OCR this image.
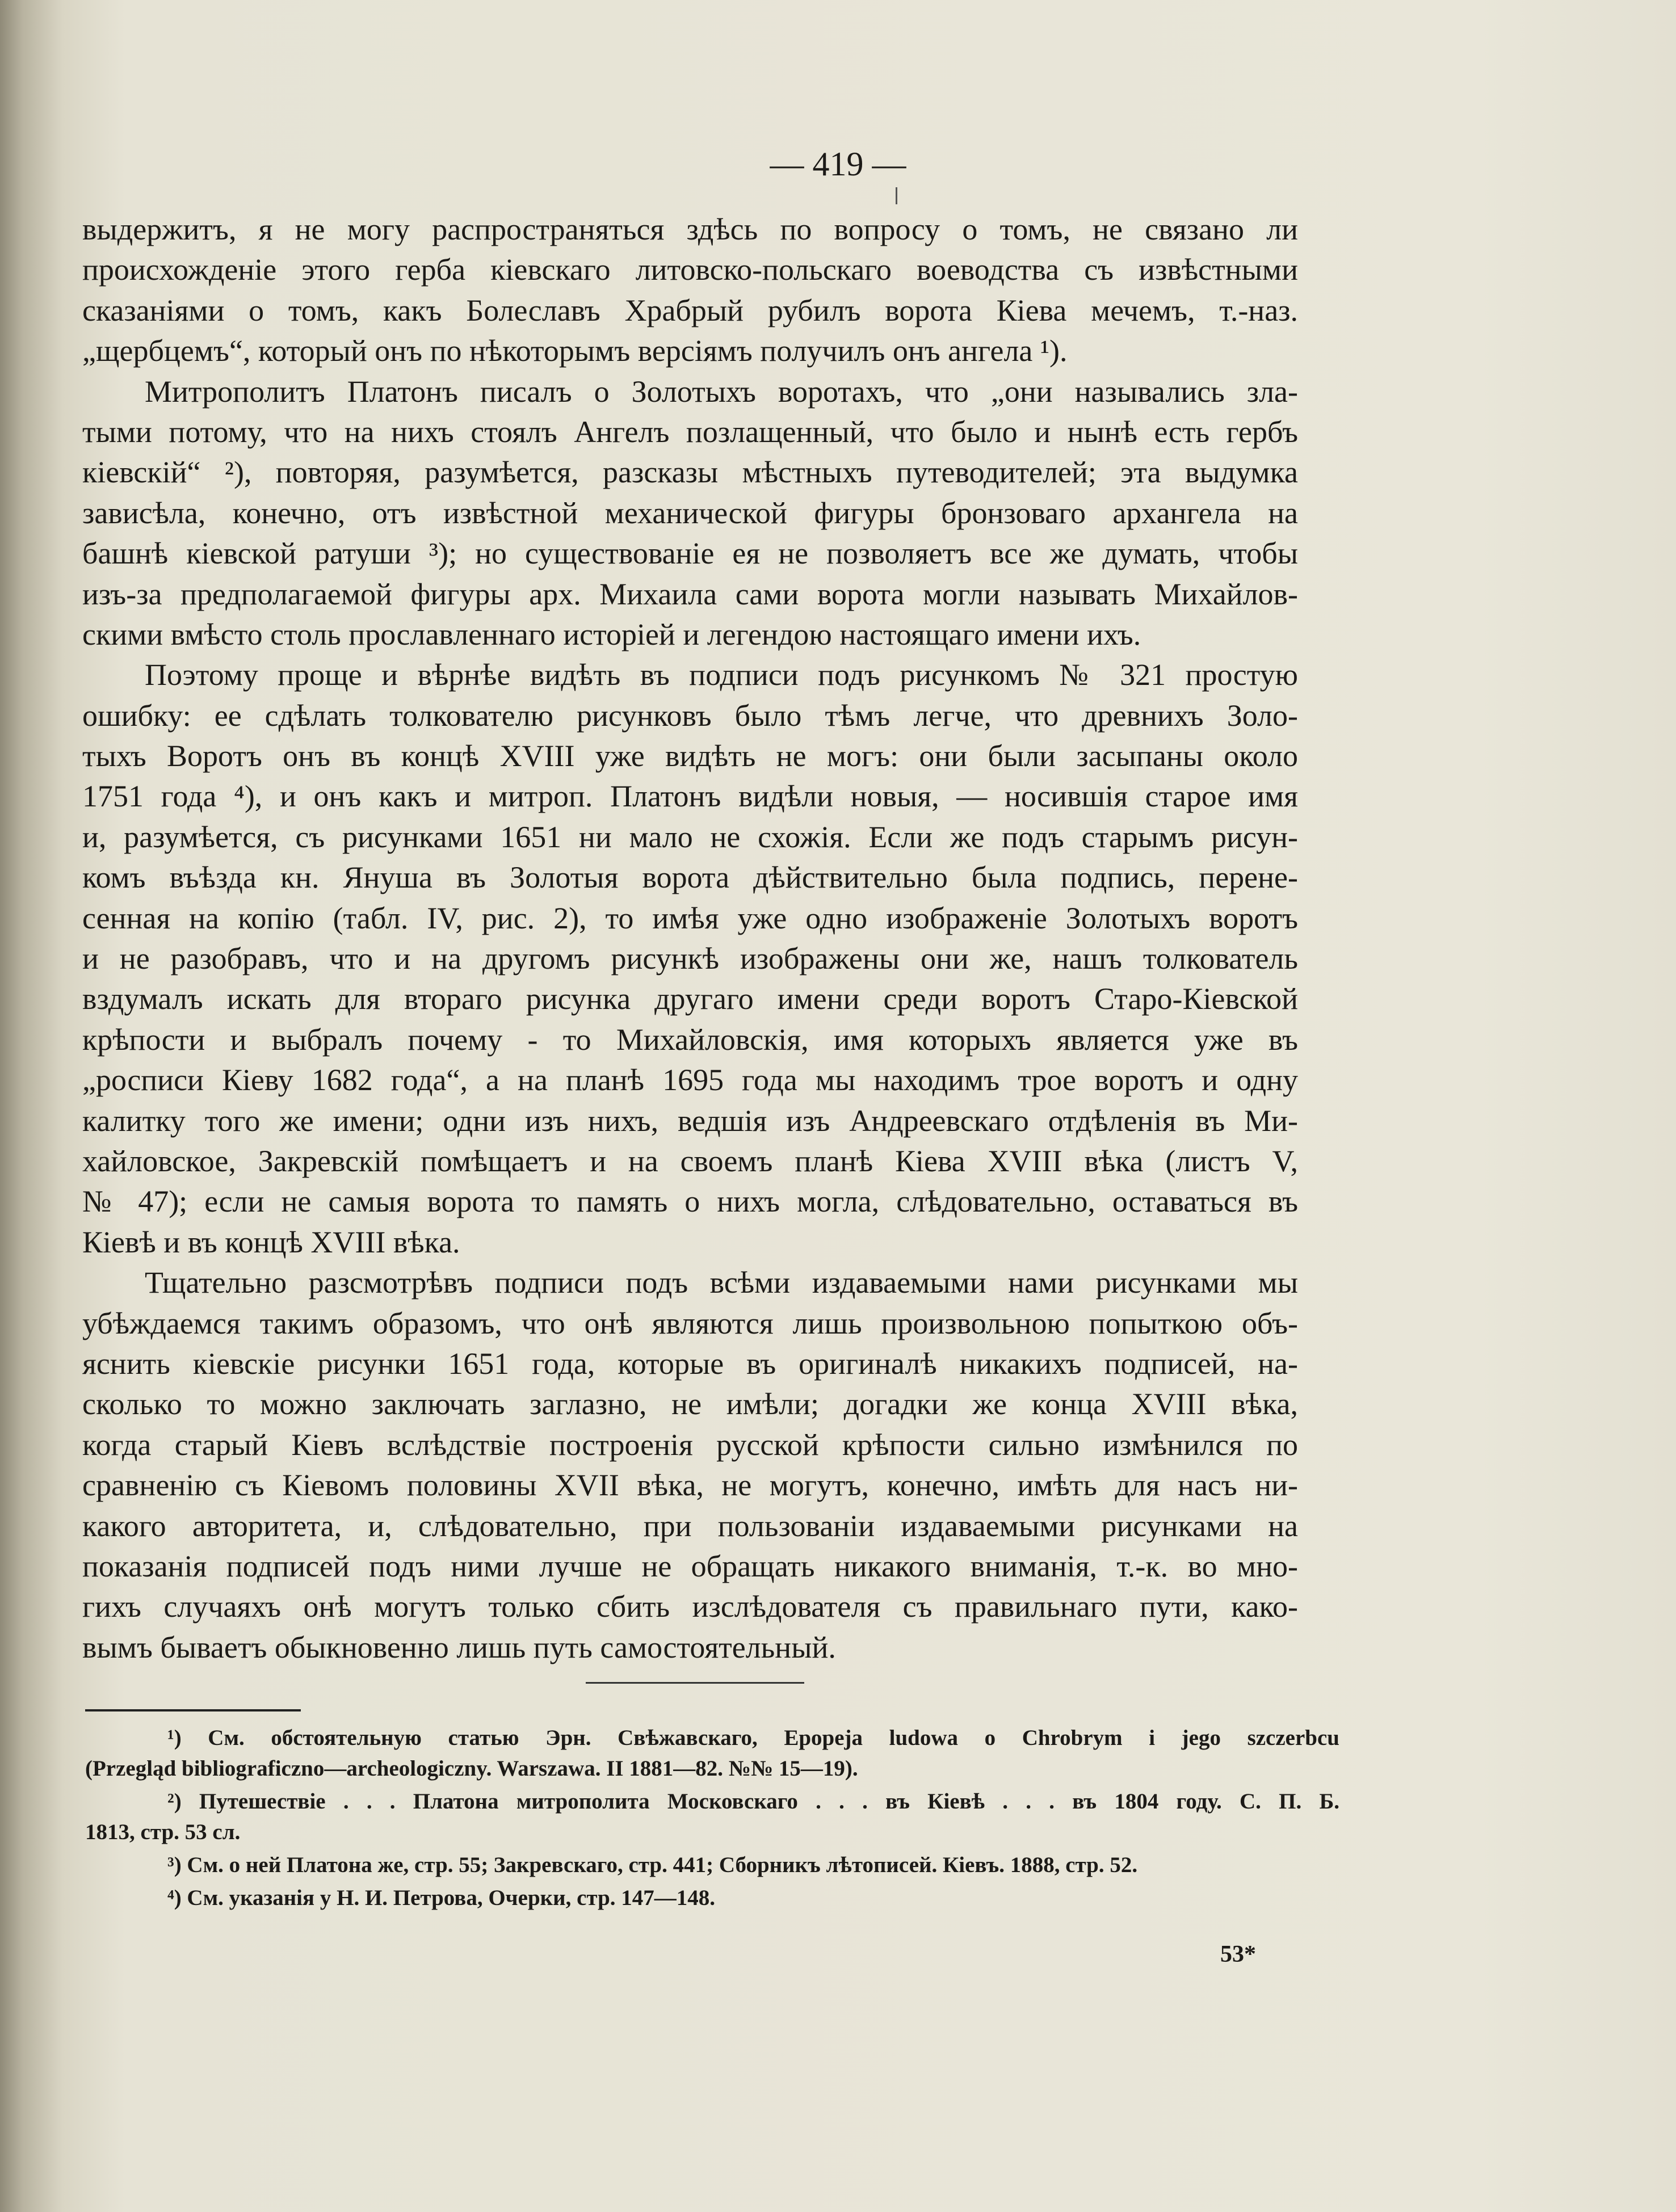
— 419 —
выдержитъ, я не могу распространяться здѣсь по вопросу о томъ, не связано ли
происхожденіе этого герба кіевскаго литовско-польскаго воеводства съ извѣстными
сказаніями о томъ, какъ Болеславъ Храбрый рубилъ ворота Кіева мечемъ, т.-наз.
„щербцемъ“, который онъ по нѣкоторымъ версіямъ получилъ онъ ангела ¹).
Митрополитъ Платонъ писалъ о Золотыхъ воротахъ, что „они назывались зла-
тыми потому, что на нихъ стоялъ Ангелъ позлащенный, что было и нынѣ есть гербъ
кіевскій“ ²), повторяя, разумѣется, разсказы мѣстныхъ путеводителей; эта выдумка
зависѣла, конечно, отъ извѣстной механической фигуры бронзоваго архангела на
башнѣ кіевской ратуши ³); но существованіе ея не позволяетъ все же думать, чтобы
изъ-за предполагаемой фигуры арх. Михаила сами ворота могли называть Михайлов-
скими вмѣсто столь прославленнаго исторіей и легендою настоящаго имени ихъ.
Поэтому проще и вѣрнѣе видѣть въ подписи подъ рисункомъ № 321 простую
ошибку: ее сдѣлать толкователю рисунковъ было тѣмъ легче, что древнихъ Золо-
тыхъ Воротъ онъ въ концѣ XVIII уже видѣть не могъ: они были засыпаны около
1751 года ⁴), и онъ какъ и митроп. Платонъ видѣли новыя, — носившія старое имя
и, разумѣется, съ рисунками 1651 ни мало не схожія. Если же подъ старымъ рисун-
комъ въѣзда кн. Януша въ Золотыя ворота дѣйствительно была подпись, перене-
сенная на копію (табл. IV, рис. 2), то имѣя уже одно изображеніе Золотыхъ воротъ
и не разобравъ, что и на другомъ рисункѣ изображены они же, нашъ толкователь
вздумалъ искать для втораго рисунка другаго имени среди воротъ Старо-Кіевской
крѣпости и выбралъ почему - то Михайловскія, имя которыхъ является уже въ
„росписи Кіеву 1682 года“, а на планѣ 1695 года мы находимъ трое воротъ и одну
калитку того же имени; одни изъ нихъ, ведшія изъ Андреевскаго отдѣленія въ Ми-
хайловское, Закревскій помѣщаетъ и на своемъ планѣ Кіева XVIII вѣка (листъ V,
№ 47); если не самыя ворота то память о нихъ могла, слѣдовательно, оставаться въ
Кіевѣ и въ концѣ XVIII вѣка.
Тщательно разсмотрѣвъ подписи подъ всѣми издаваемыми нами рисунками мы
убѣждаемся такимъ образомъ, что онѣ являются лишь произвольною попыткою объ-
яснить кіевскіе рисунки 1651 года, которые въ оригиналѣ никакихъ подписей, на-
сколько то можно заключать заглазно, не имѣли; догадки же конца XVIII вѣка,
когда старый Кіевъ вслѣдствіе построенія русской крѣпости сильно измѣнился по
сравненію съ Кіевомъ половины XVII вѣка, не могутъ, конечно, имѣть для насъ ни-
какого авторитета, и, слѣдовательно, при пользованіи издаваемыми рисунками на
показанія подписей подъ ними лучше не обращать никакого вниманія, т.-к. во мно-
гихъ случаяхъ онѣ могутъ только сбить изслѣдователя съ правильнаго пути, како-
вымъ бываетъ обыкновенно лишь путь самостоятельный.
¹) См. обстоятельную статью Эрн. Свѣжавскаго, Epopeja ludowa o Chrobrym i jego szczerbcu
(Przegląd bibliograficzno—archeologiczny. Warszawa. II 1881—82. №№ 15—19).
²) Путешествіе . . . Платона митрополита Московскаго . . . въ Кіевѣ . . . въ 1804 году. С. П. Б.
1813, стр. 53 сл.
³) См. о ней Платона же, стр. 55; Закревскаго, стр. 441; Сборникъ лѣтописей. Кіевъ. 1888, стр. 52.
⁴) См. указанія у Н. И. Петрова, Очерки, стр. 147—148.
53*
